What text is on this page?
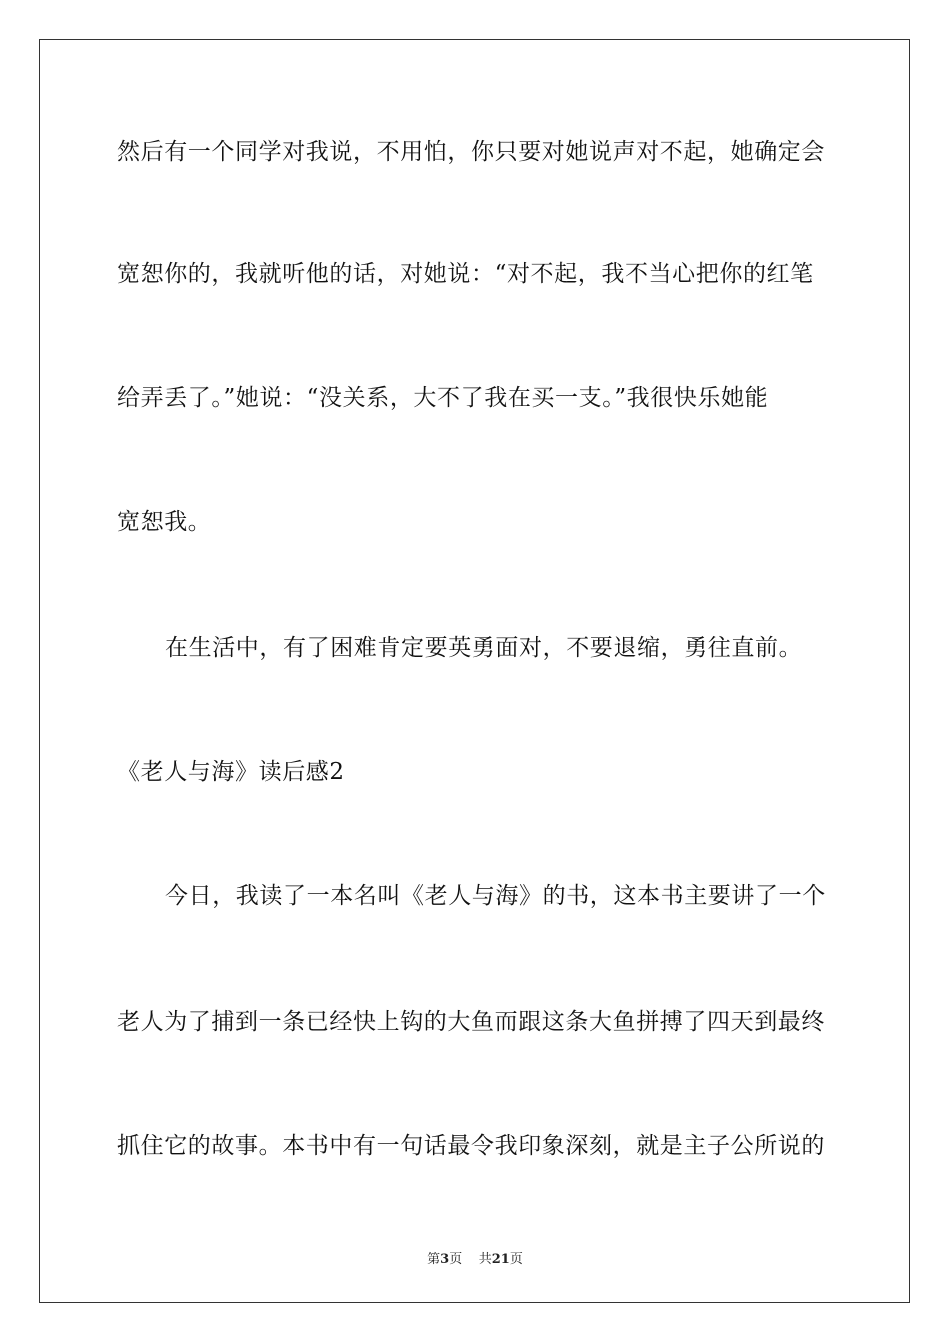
然后有一个同学对我说，不用怕，你只要对她说声对不起，她确定会
宽恕你的，我就听他的话，对她说：“对不起，我不当心把你的红笔
给弄丢了。”她说：“没关系，大不了我在买一支。”我很快乐她能
宽恕我。
在生活中，有了困难肯定要英勇面对，不要退缩，勇往直前。
《老人与海》读后感2
今日，我读了一本名叫《老人与海》的书，这本书主要讲了一个
老人为了捕到一条已经快上钩的大鱼而跟这条大鱼拼搏了四天到最终
抓住它的故事。本书中有一句话最令我印象深刻，就是主子公所说的
第3页 共21页
